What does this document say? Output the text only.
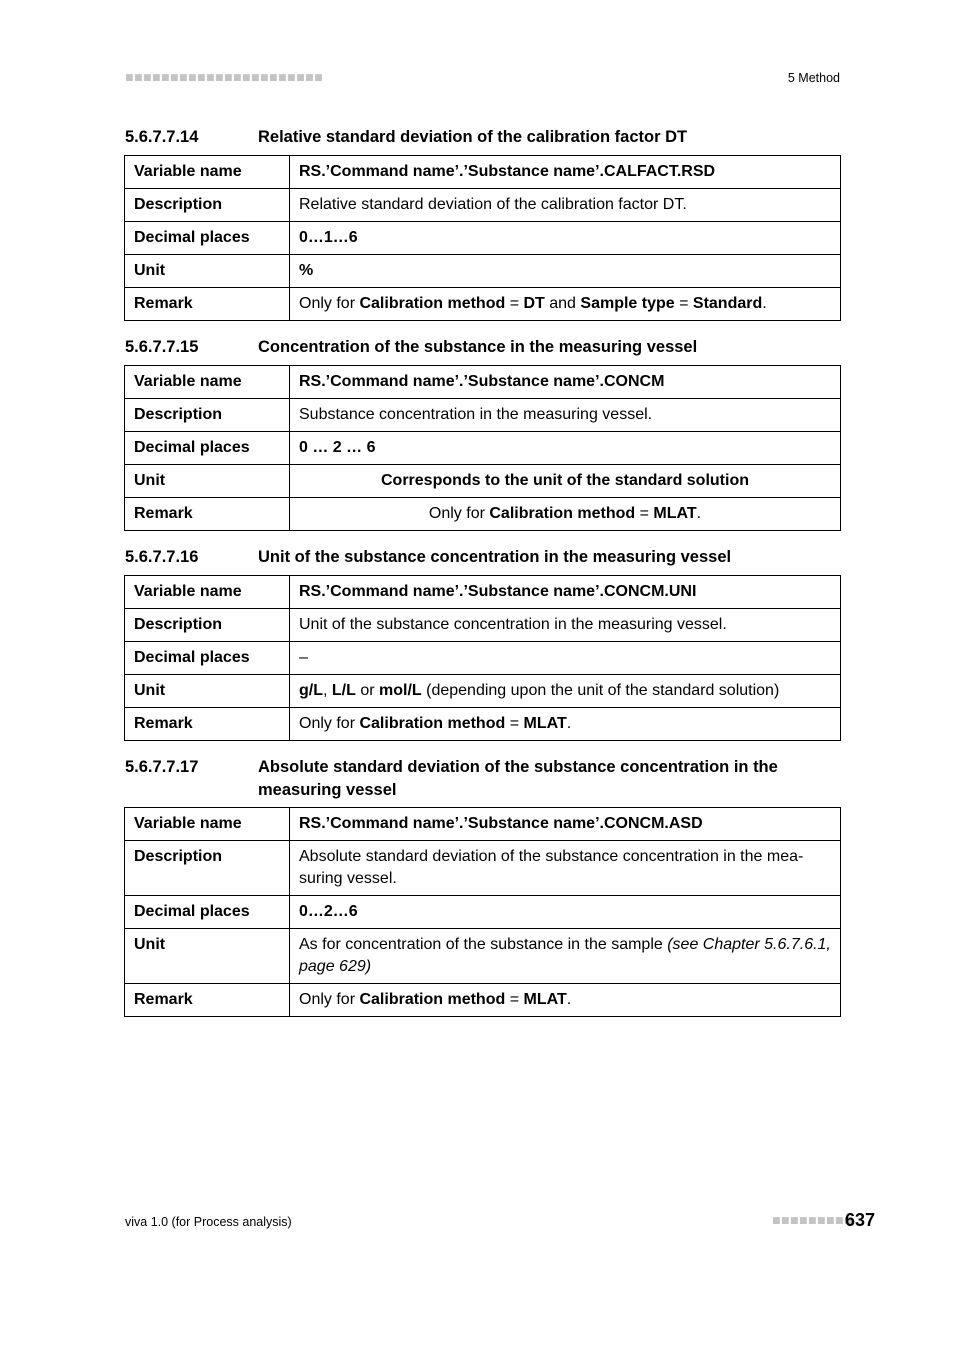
■■■■■■■■■■■■■■■■■■■■■■	5 Method
5.6.7.7.14	Relative standard deviation of the calibration factor DT
Variable name	RS.’Command name’.’Substance name’.CALFACT.RSD
Description	Relative standard deviation of the calibration factor DT.
Decimal places	0…1…6
Unit	%
Remark	Only for Calibration method = DT and Sample type = Standard.
5.6.7.7.15	Concentration of the substance in the measuring vessel
Variable name	RS.’Command name’.’Substance name’.CONCM
Description	Substance concentration in the measuring vessel.
Decimal places	0 … 2 … 6
Unit	Corresponds to the unit of the standard solution
Remark	Only for Calibration method = MLAT.
5.6.7.7.16	Unit of the substance concentration in the measuring vessel
Variable name	RS.’Command name’.’Substance name’.CONCM.UNI
Description	Unit of the substance concentration in the measuring vessel.
Decimal places	–
Unit	g/L, L/L or mol/L (depending upon the unit of the standard solution)
Remark	Only for Calibration method = MLAT.
5.6.7.7.17	Absolute standard deviation of the substance concentration in the measuring vessel
Variable name	RS.’Command name’.’Substance name’.CONCM.ASD
Description	Absolute standard deviation of the substance concentration in the mea-suring vessel.
Decimal places	0…2…6
Unit	As for concentration of the substance in the sample (see Chapter 5.6.7.6.1, page 629)
Remark	Only for Calibration method = MLAT.
viva 1.0 (for Process analysis)	■■■■■■■■■
637
